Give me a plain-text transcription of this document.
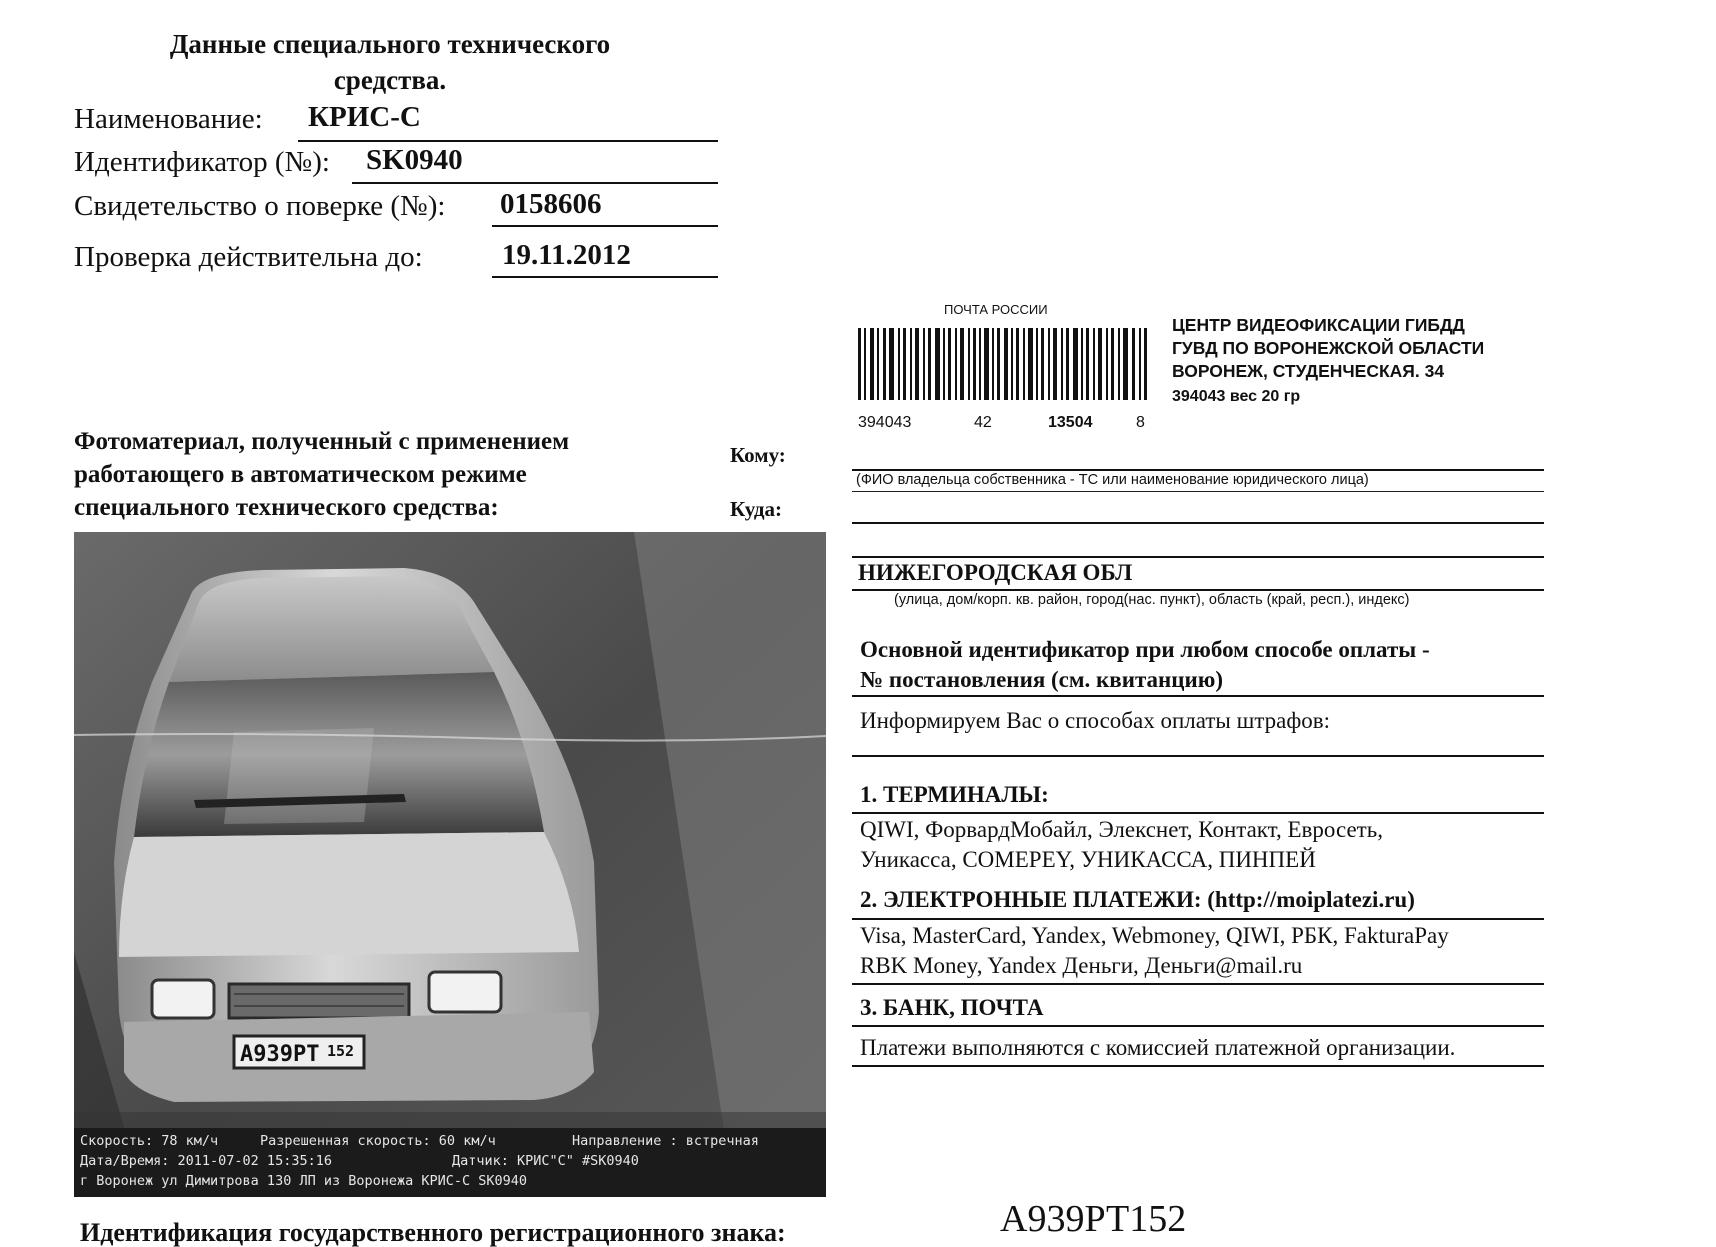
Данные специального технического
средства.
Наименование: КРИС-С
Идентификатор (№): SK0940
Свидетельство о поверке (№): 0158606
Проверка действительна до:	19.11.2012
Фотоматериал, полученный с применением
работающего в автоматическом режиме
специального технического средства:
А939РТ 152
Скорость: 78 км/ч	Разрешенная скорость: 60 км/ч	Направление : встречная
Дата/Время: 2011-07-02 15:35:16	Датчик: КРИС"С" #SK0940
г Воронеж ул Димитрова 130 ЛП из Воронежа КРИС-С SK0940
Идентификация государственного регистрационного знака:	А939РТ152
ПОЧТА РОССИИ
394043	42	13504	8
ЦЕНТР ВИДЕОФИКСАЦИИ ГИБДД
ГУВД ПО ВОРОНЕЖСКОЙ ОБЛАСТИ
ВОРОНЕЖ, СТУДЕНЧЕСКАЯ. 34
394043 вес 20 гр
Кому:
(ФИО владельца собственника - ТС или наименование юридического лица)
Куда:
НИЖЕГОРОДСКАЯ ОБЛ
(улица, дом/корп. кв. район, город(нас. пункт), область (край, респ.), индекс)
Основной идентификатор при любом способе оплаты -
№ постановления (см. квитанцию)
Информируем Вас о способах оплаты штрафов:
1. ТЕРМИНАЛЫ:
QIWI, ФорвардМобайл, Элекснет, Контакт, Евросеть,
Уникасса, COMEPEY, УНИКАССА, ПИНПЕЙ
2. ЭЛЕКТРОННЫЕ ПЛАТЕЖИ: (http://moiplatezi.ru)
Visa, MasterCard, Yandex, Webmoney, QIWI, РБК, FakturaPay
RBK Money, Yandex Деньги, Деньги@mail.ru
3. БАНК, ПОЧТА
Платежи выполняются с комиссией платежной организации.
